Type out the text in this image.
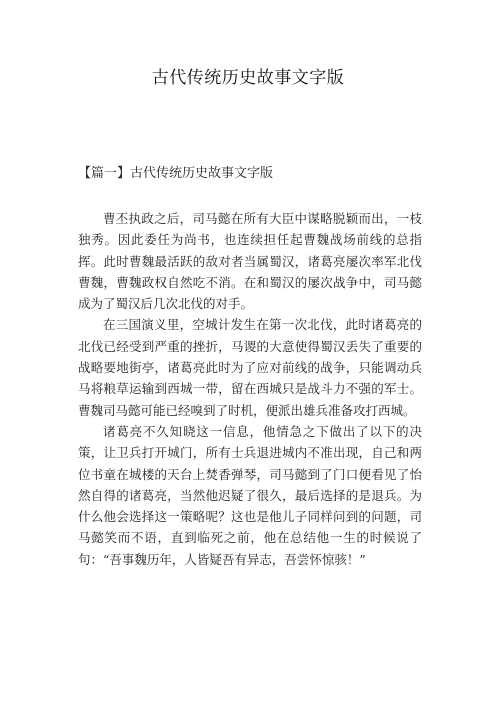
古代传统历史故事文字版
【篇一】古代传统历史故事文字版

曹丕执政之后，司马懿在所有大臣中谋略脱颖而出，一枝独秀。因此委任为尚书，也连续担任起曹魏战场前线的总指挥。此时曹魏最活跃的敌对者当属蜀汉，诸葛亮屡次率军北伐曹魏，曹魏政权自然吃不消。在和蜀汉的屡次战争中，司马懿成为了蜀汉后几次北伐的对手。

在三国演义里，空城计发生在第一次北伐，此时诸葛亮的北伐已经受到严重的挫折，马谡的大意使得蜀汉丢失了重要的战略要地街亭，诸葛亮此时为了应对前线的战争，只能调动兵马将粮草运输到西城一带，留在西城只是战斗力不强的军士。曹魏司马懿可能已经嗅到了时机，便派出雄兵准备攻打西城。

诸葛亮不久知晓这一信息，他情急之下做出了以下的决策，让卫兵打开城门，所有士兵退进城内不准出现，自己和两位书童在城楼的天台上焚香弹琴，司马懿到了门口便看见了怡然自得的诸葛亮，当然他迟疑了很久，最后选择的是退兵。为什么他会选择这一策略呢？这也是他儿子同样问到的问题，司马懿笑而不语，直到临死之前，他在总结他一生的时候说了句：“吾事魏历年，人皆疑吾有异志，吾尝怀惊骇！”
